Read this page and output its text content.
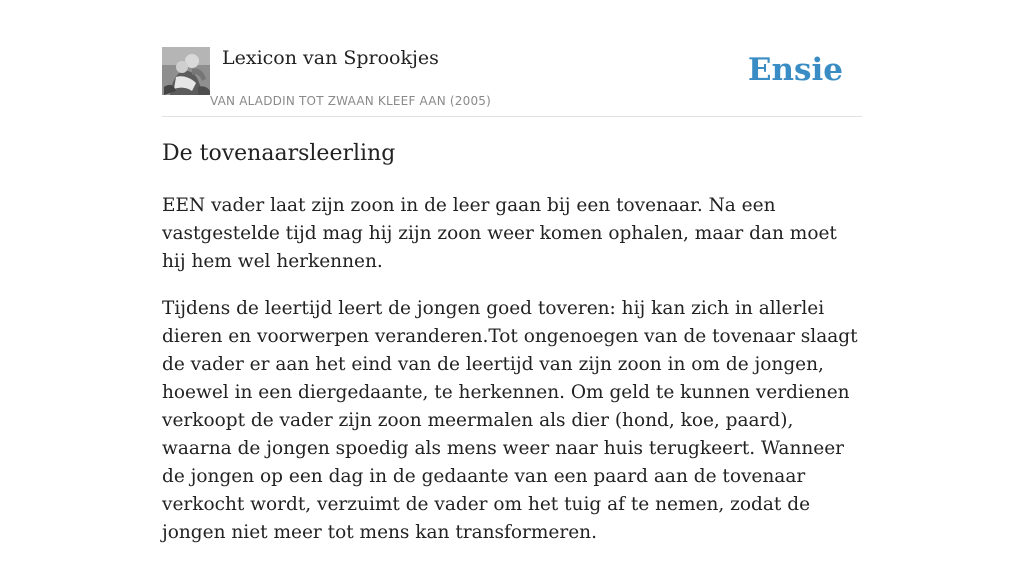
Lexicon van Sprookjes
VAN ALADDIN TOT ZWAAN KLEEF AAN (2005)
Ensie
De tovenaarsleerling

EEN vader laat zijn zoon in de leer gaan bij een tovenaar. Na een vastgestelde tijd mag hij zijn zoon weer komen ophalen, maar dan moet hij hem wel herkennen.

Tijdens de leertijd leert de jongen goed toveren: hij kan zich in allerlei dieren en voorwerpen veranderen.Tot ongenoegen van de tovenaar slaagt de vader er aan het eind van de leertijd van zijn zoon in om de jongen, hoewel in een diergedaante, te herkennen. Om geld te kunnen verdienen verkoopt de vader zijn zoon meermalen als dier (hond, koe, paard), waarna de jongen spoedig als mens weer naar huis terugkeert. Wanneer de jongen op een dag in de gedaante van een paard aan de tovenaar verkocht wordt, verzuimt de vader om het tuig af te nemen, zodat de jongen niet meer tot mens kan transformeren.
